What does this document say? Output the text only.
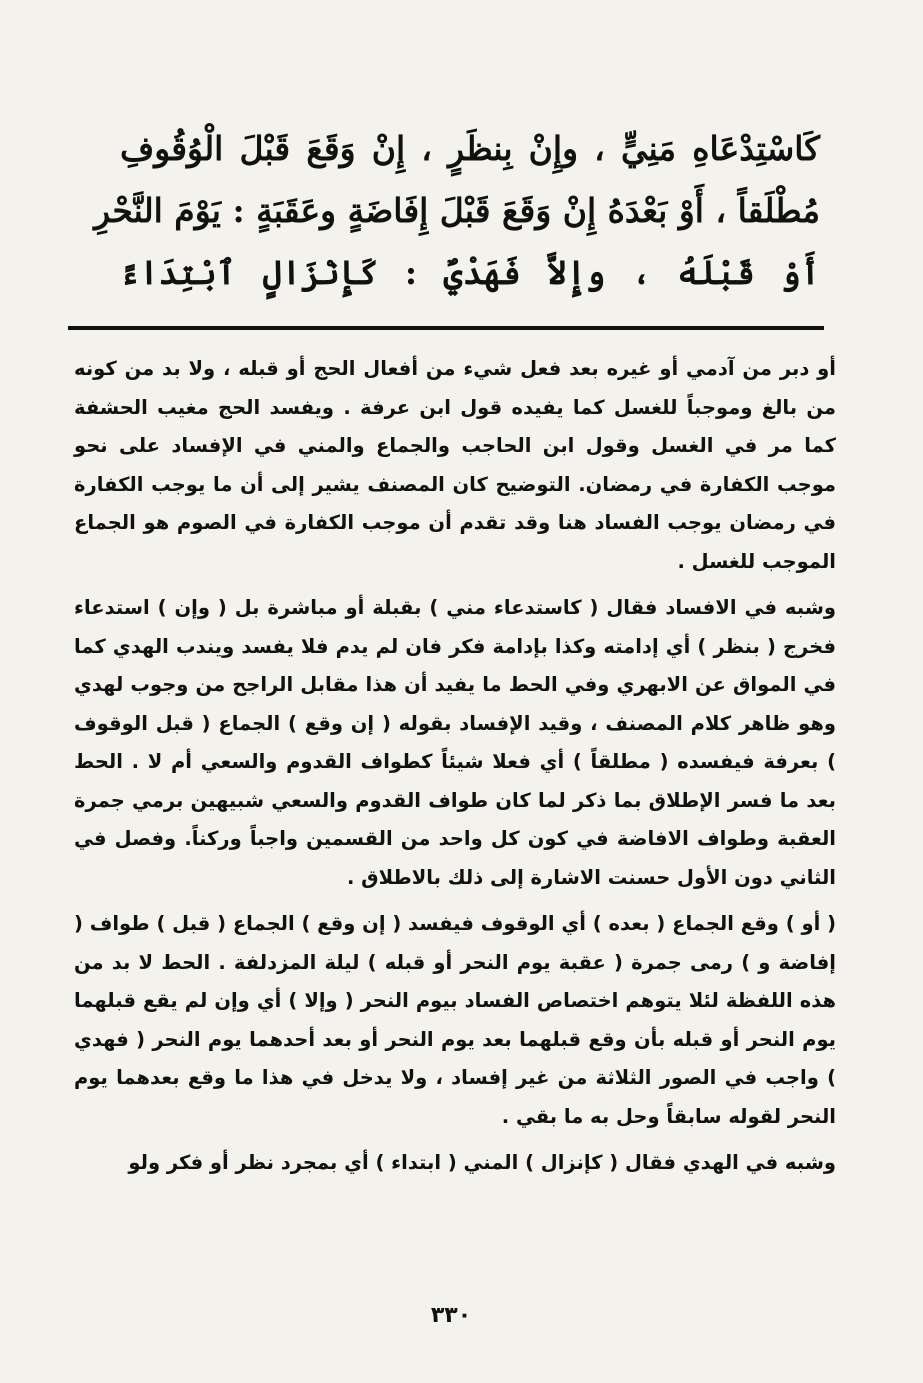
كَاسْتِدْعَاهِ مَنِيٍّ ، وإِنْ بِنظَرٍ ، إِنْ وَقَعَ قَبْلَ الْوُقُوفِ
مُطْلَقاً ، أَوْ بَعْدَهُ إِنْ وَقَعَ قَبْلَ إِفَاضَةٍ وعَقَبَةٍ : يَوْمَ النَّحْرِ
أَوْ قَبْلَهُ ، وإِلاَّ فَهَدْيٌ : كَإِنْزَالٍ ٱبْتِدَاءً

أو دبر من آدمي أو غيره بعد فعل شيء من أفعال الحج أو قبله ، ولا بد من كونه من بالغ وموجباً للغسل كما يفيده قول ابن عرفة . ويفسد الحج مغيب الحشفة كما مر في الغسل وقول ابن الحاجب والجماع والمني في الإفساد على نحو موجب الكفارة في رمضان. التوضيح كان المصنف يشير إلى أن ما يوجب الكفارة في رمضان يوجب الفساد هنا وقد تقدم أن موجب الكفارة في الصوم هو الجماع الموجب للغسل .

وشبه في الافساد فقال ( كاستدعاء مني ) بقبلة أو مباشرة بل ( وإن ) استدعاء فخرج ( بنظر ) أي إدامته وكذا بإدامة فكر فان لم يدم فلا يفسد ويندب الهدي كما في المواق عن الابهري وفي الحط ما يفيد أن هذا مقابل الراجح من وجوب لهدي وهو ظاهر كلام المصنف ، وقيد الإفساد بقوله ( إن وقع ) الجماع ( قبل الوقوف ) بعرفة فيفسده ( مطلقاً ) أي فعلا شيئاً كطواف القدوم والسعي أم لا . الحط بعد ما فسر الإطلاق بما ذكر لما كان طواف القدوم والسعي شبيهين برمي جمرة العقبة وطواف الافاضة في كون كل واحد من القسمين واجباً وركناً. وفصل في الثاني دون الأول حسنت الاشارة إلى ذلك بالاطلاق .

( أو ) وقع الجماع ( بعده ) أي الوقوف فيفسد ( إن وقع ) الجماع ( قبل ) طواف ( إفاضة و ) رمى جمرة ( عقبة يوم النحر أو قبله ) ليلة المزدلفة . الحط لا بد من هذه اللفظة لئلا يتوهم اختصاص الفساد بيوم النحر ( وإلا ) أي وإن لم يقع قبلهما يوم النحر أو قبله بأن وقع قبلهما بعد يوم النحر أو بعد أحدهما يوم النحر ( فهدي ) واجب في الصور الثلاثة من غير إفساد ، ولا يدخل في هذا ما وقع بعدهما يوم النحر لقوله سابقاً وحل به ما بقي .

وشبه في الهدي فقال ( كإنزال ) المني ( ابتداء ) أي بمجرد نظر أو فكر ولو

٣٣٠
